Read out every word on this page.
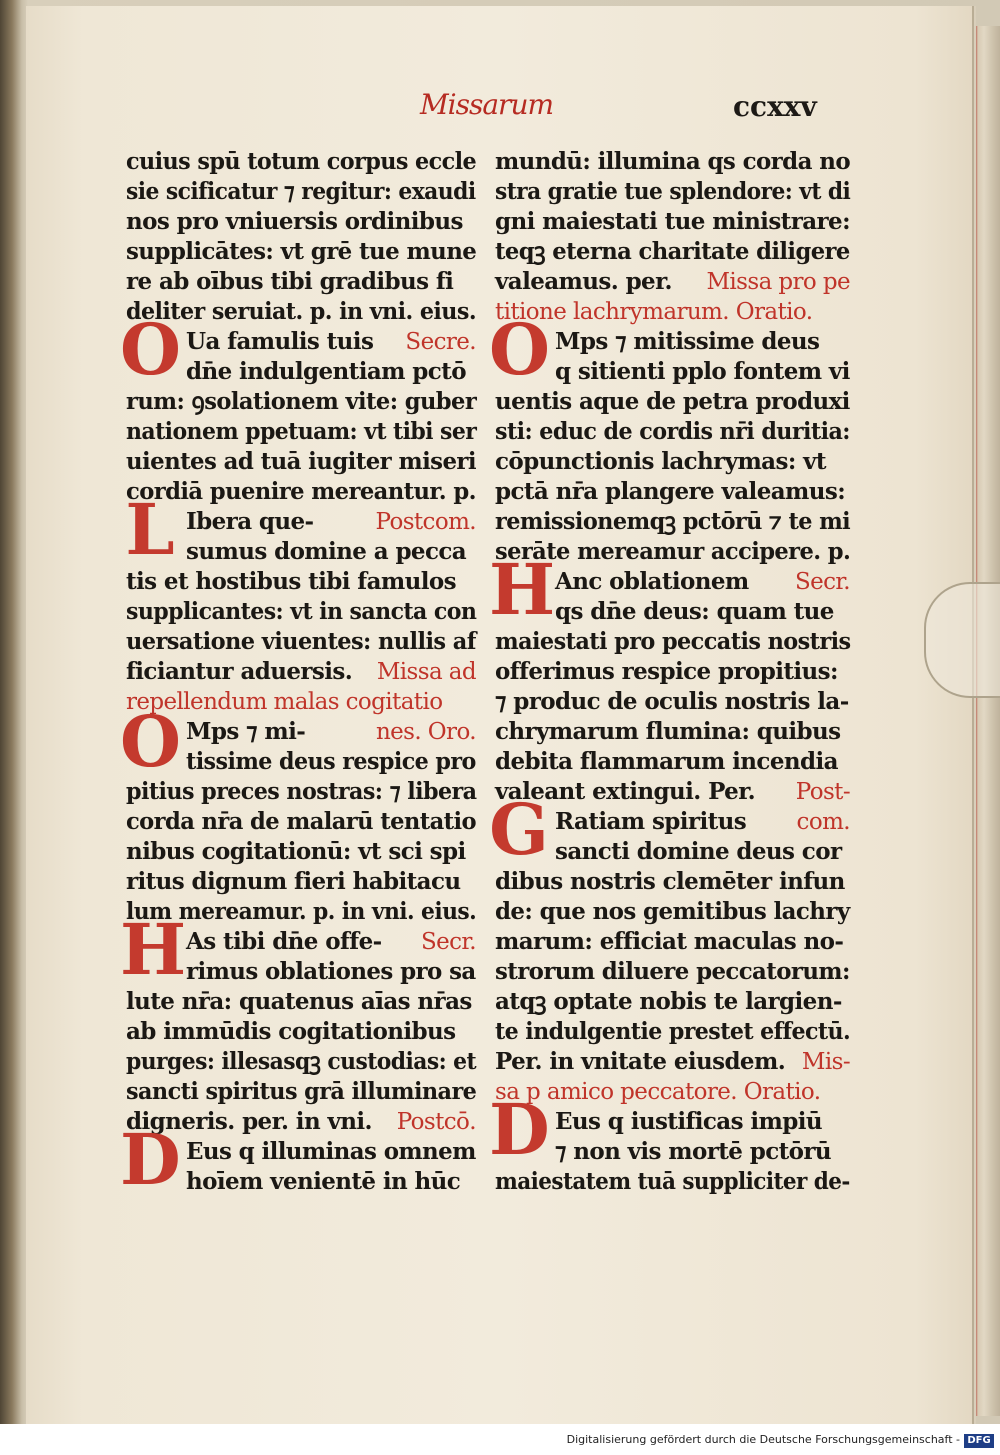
Missarum	ccxxv
cuius spū totum corpus eccle
sie scificatur ⁊ regitur: exaudi
nos pro vniuersis ordinibus
supplicātes: vt grē tue mune
re ab oībus tibi gradibus fi
deliter seruiat. p. in vni. eius.
O Ua famulis tuis Secre.
dn̄e indulgentiam pctō
rum: ꝯsolationem vite: guber
nationem ppetuam: vt tibi ser
uientes ad tuā iugiter miseri
cordiā puenire mereantur. p.
L Ibera que-	Postcom.
sumus domine a pecca
tis et hostibus tibi famulos
supplicantes: vt in sancta con
uersatione viuentes: nullis af
ficiantur aduersis. Missa ad
repellendum malas cogitatio
O Mps ⁊ mi-	nes. Oro.
tissime deus respice pro
pitius preces nostras: ⁊ libera
corda nr̄a de malarū tentatio
nibus cogitationū: vt sci spi
ritus dignum fieri habitacu
lum mereamur. p. in vni. eius.
H As tibi dn̄e offe- Secr.
rimus oblationes pro sa
lute nr̄a: quatenus aīas nr̄as
ab immūdis cogitationibus
purges: illesasqꝫ custodias: et
sancti spiritus grā illuminare
digneris. per. in vni. Postcō.
D Eus q illuminas omnem
hoīem venientē in hūc
mundū: illumina qs corda no
stra gratie tue splendore: vt di
gni maiestati tue ministrare:
teqꝫ eterna charitate diligere
valeamus. per. Missa pro pe
titione lachrymarum. Oratio.
O Mps ⁊ mitissime deus
q sitienti pplo fontem vi
uentis aque de petra produxi
sti: educ de cordis nr̄i duritia:
cōpunctionis lachrymas: vt
pctā nr̄a plangere valeamus:
remissionemqꝫ pctōrū ⁊ te mi
serāte mereamur accipere. p.
H Anc oblationem Secr.
qs dn̄e deus: quam tue
maiestati pro peccatis nostris
offerimus respice propitius:
⁊ produc de oculis nostris la-
chrymarum flumina: quibus
debita flammarum incendia
valeant extingui. Per. Post-
G Ratiam spiritus com.
sancti domine deus cor
dibus nostris clemēter infun
de: que nos gemitibus lachry
marum: efficiat maculas no-
strorum diluere peccatorum:
atqꝫ optate nobis te largien-
te indulgentie prestet effectū.
Per. in vnitate eiusdem. Mis-
sa p amico peccatore. Oratio.
D Eus q iustificas impiū
⁊ non vis mortē pctōrū
maiestatem tuā suppliciter de-
Digitalisierung gefördert durch die Deutsche Forschungsgemeinschaft - DFG
